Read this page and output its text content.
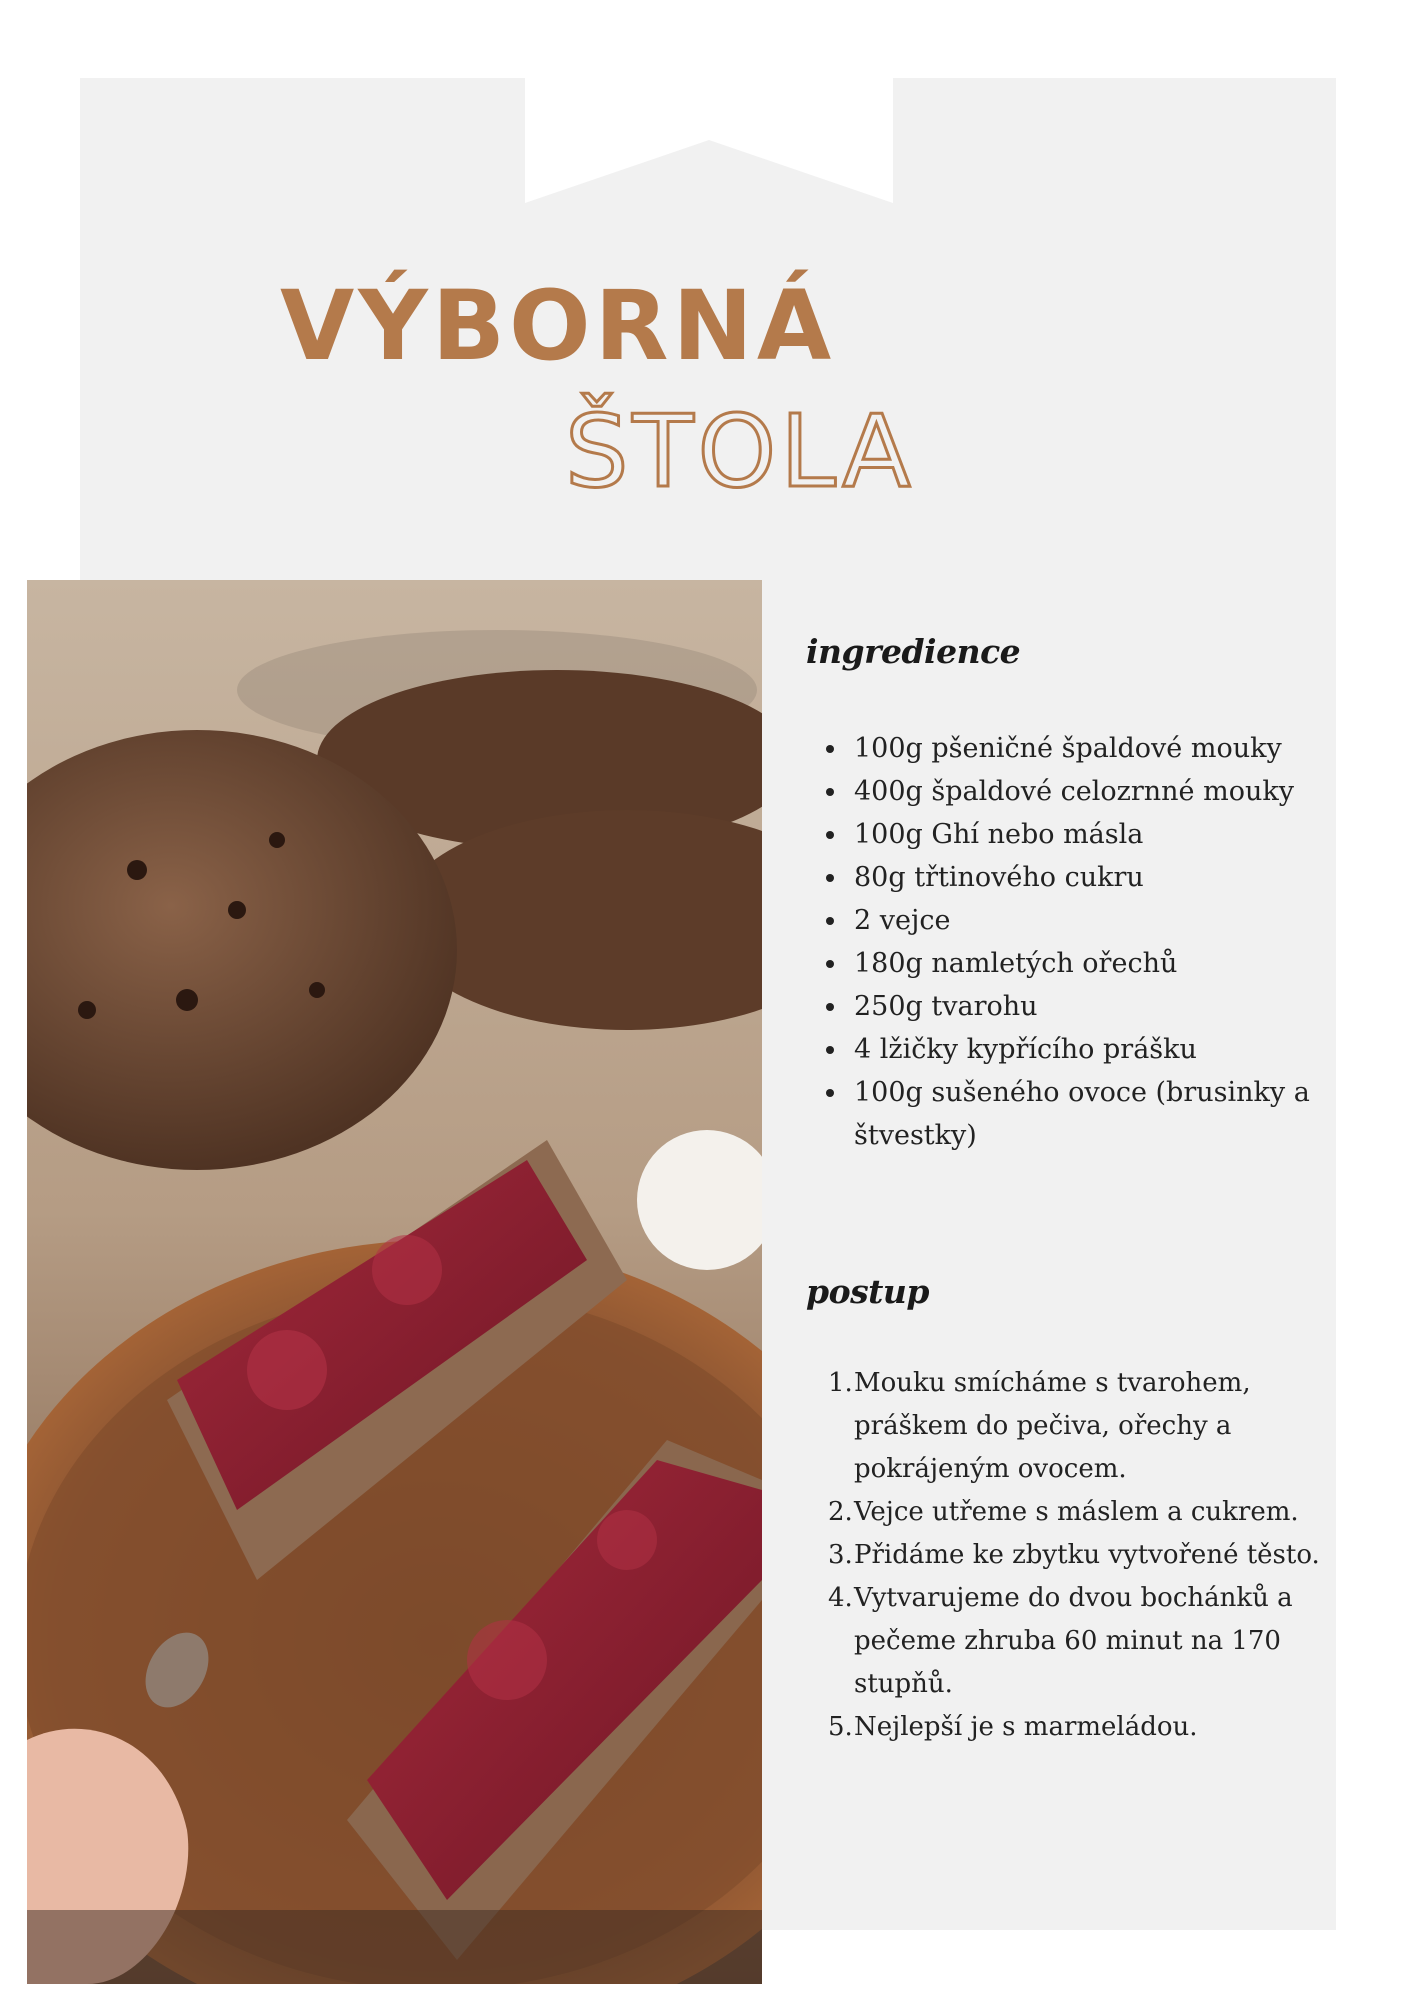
VÝBORNÁ
ŠTOLA
ingredience
100g pšeničné špaldové mouky
400g špaldové celozrnné mouky
100g Ghí nebo másla
80g třtinového cukru
2 vejce
180g namletých ořechů
250g tvarohu
4 lžičky kypřícího prášku
100g sušeného ovoce (brusinky a štvestky)
postup
1. Mouku smícháme s tvarohem, práškem do pečiva, ořechy a pokrájeným ovocem.
2. Vejce utřeme s máslem a cukrem.
3. Přidáme ke zbytku vytvořené těsto.
4. Vytvarujeme do dvou bochánků a pečeme zhruba 60 minut na 170 stupňů.
5. Nejlepší je s marmeládou.
